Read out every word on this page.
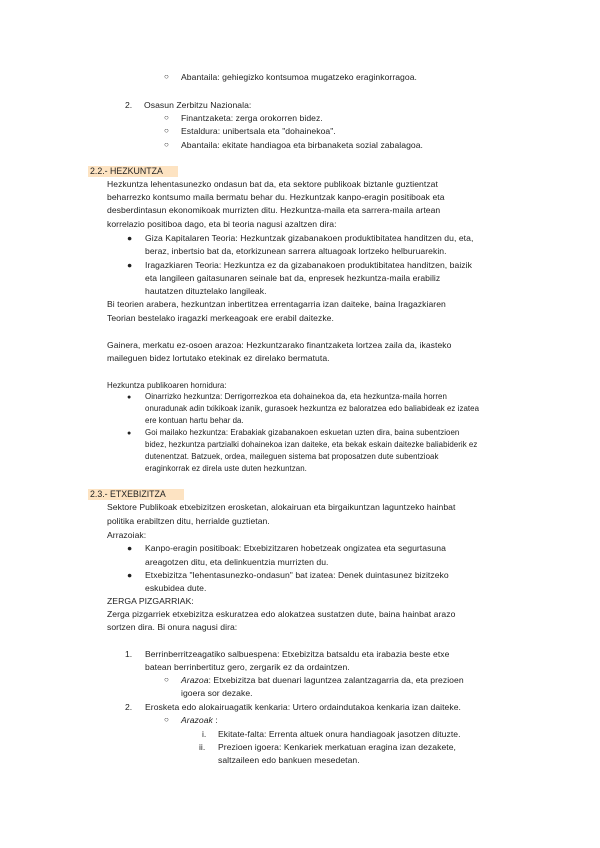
○ Abantaila: gehiegizko kontsumoa mugatzeko eraginkorragoa.
2. Osasun Zerbitzu Nazionala:
○ Finantzaketa: zerga orokorren bidez.
○ Estaldura: unibertsala eta "dohainekoa".
○ Abantaila: ekitate handiagoa eta birbanaketa sozial zabalagoa.
2.2.- HEZKUNTZA
Hezkuntza lehentasunezko ondasun bat da, eta sektore publikoak biztanle guztientzat
beharrezko kontsumo maila bermatu behar du. Hezkuntzak kanpo-eragin positiboak eta
desberdintasun ekonomikoak murrizten ditu. Hezkuntza-maila eta sarrera-maila artean
korrelazio positiboa dago, eta bi teoria nagusi azaltzen dira:
● Giza Kapitalaren Teoria: Hezkuntzak gizabanakoen produktibitatea handitzen du, eta,
beraz, inbertsio bat da, etorkizunean sarrera altuagoak lortzeko helburuarekin.
● Iragazkiaren Teoria: Hezkuntza ez da gizabanakoen produktibitatea handitzen, baizik
eta langileen gaitasunaren seinale bat da, enpresek hezkuntza-maila erabiliz
hautatzen dituztelako langileak.
Bi teorien arabera, hezkuntzan inbertitzea errentagarria izan daiteke, baina Iragazkiaren
Teorian bestelako iragazki merkeagoak ere erabil daitezke.
Gainera, merkatu ez-osoen arazoa: Hezkuntzarako finantzaketa lortzea zaila da, ikasteko
maileguen bidez lortutako etekinak ez direlako bermatuta.
Hezkuntza publikoaren hornidura:
● Oinarrizko hezkuntza: Derrigorrezkoa eta dohainekoa da, eta hezkuntza-maila horren
onuradunak adin txikikoak izanik, gurasoek hezkuntza ez baloratzea edo baliabideak ez izatea
ere kontuan hartu behar da.
● Goi mailako hezkuntza: Erabakiak gizabanakoen eskuetan uzten dira, baina subentzioen
bidez, hezkuntza partzialki dohainekoa izan daiteke, eta bekak eskain daitezke baliabiderik ez
dutenentzat. Batzuek, ordea, maileguen sistema bat proposatzen dute subentzioak
eraginkorrak ez direla uste duten hezkuntzan.
2.3.- ETXEBIZITZA
Sektore Publikoak etxebizitzen erosketan, alokairuan eta birgaikuntzan laguntzeko hainbat
politika erabiltzen ditu, herrialde guztietan.
Arrazoiak:
● Kanpo-eragin positiboak: Etxebizitzaren hobetzeak ongizatea eta segurtasuna
areagotzen ditu, eta delinkuentzia murrizten du.
● Etxebizitza "lehentasunezko-ondasun" bat izatea: Denek duintasunez bizitzeko
eskubidea dute.
ZERGA PIZGARRIAK:
Zerga pizgarriek etxebizitza eskuratzea edo alokatzea sustatzen dute, baina hainbat arazo
sortzen dira. Bi onura nagusi dira:
1. Berrinberritzeagatiko salbuespena: Etxebizitza batsaldu eta irabazia beste etxe
batean berrinbertituz gero, zergarik ez da ordaintzen.
○ Arazoa: Etxebizitza bat duenari laguntzea zalantzagarria da, eta prezioen
igoera sor dezake.
2. Erosketa edo alokairuagatik kenkaria: Urtero ordaindutakoa kenkaria izan daiteke.
○ Arazoak :
i. Ekitate-falta: Errenta altuek onura handiagoak jasotzen dituzte.
ii. Prezioen igoera: Kenkariek merkatuan eragina izan dezakete,
saltzaileen edo bankuen mesedetan.
